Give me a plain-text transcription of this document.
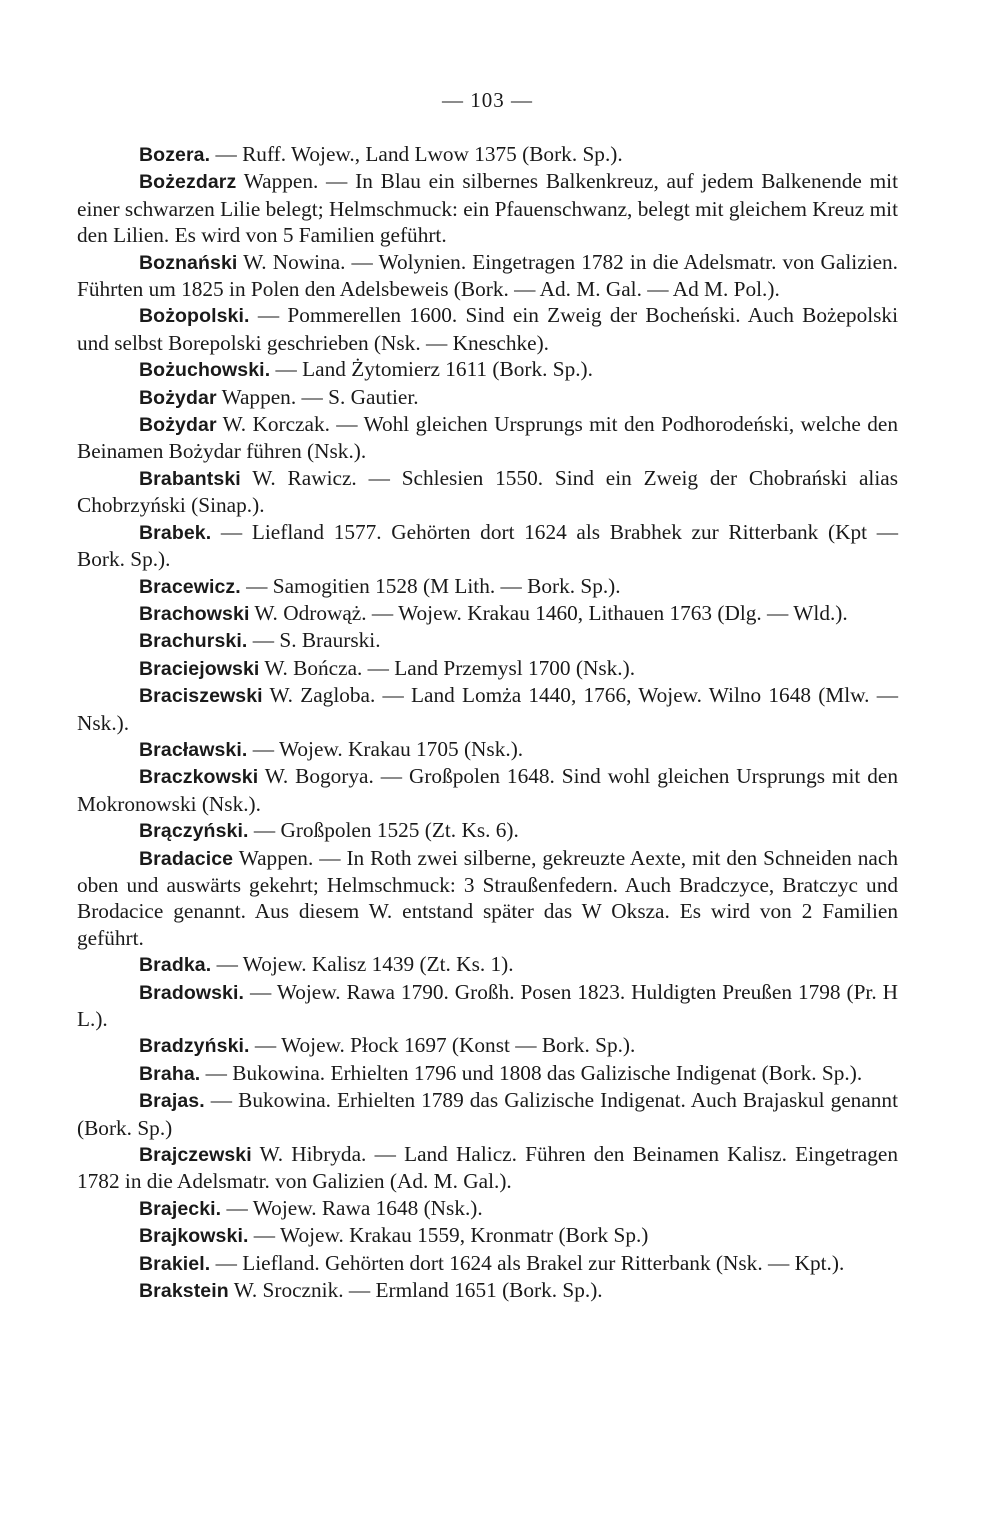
— 103 —

Bozera. — Ruff. Wojew., Land Lwow 1375 (Bork. Sp.).

Bożezdarz Wappen. — In Blau ein silbernes Balkenkreuz, auf jedem Balkenende mit einer schwarzen Lilie belegt; Helmschmuck: ein Pfauenschwanz, belegt mit gleichem Kreuz mit den Lilien. Es wird von 5 Familien geführt.

Boznański W. Nowina. — Wolynien. Eingetragen 1782 in die Adelsmatr. von Galizien. Führten um 1825 in Polen den Adelsbeweis (Bork. — Ad. M. Gal. — Ad M. Pol.).

Bożopolski. — Pommerellen 1600. Sind ein Zweig der Bocheński. Auch Bożepolski und selbst Borepolski geschrieben (Nsk. — Kneschke).

Bożuchowski. — Land Żytomierz 1611 (Bork. Sp.).

Bożydar Wappen. — S. Gautier.

Bożydar W. Korczak. — Wohl gleichen Ursprungs mit den Podhorodeński, welche den Beinamen Bożydar führen (Nsk.).

Brabantski W. Rawicz. — Schlesien 1550. Sind ein Zweig der Chobrański alias Chobrzyński (Sinap.).

Brabek. — Liefland 1577. Gehörten dort 1624 als Brabhek zur Ritterbank (Kpt — Bork. Sp.).

Bracewicz. — Samogitien 1528 (M Lith. — Bork. Sp.).

Brachowski W. Odrowąż. — Wojew. Krakau 1460, Lithauen 1763 (Dlg. — Wld.).

Brachurski. — S. Braurski.

Braciejowski W. Bończa. — Land Przemysl 1700 (Nsk.).

Braciszewski W. Zagloba. — Land Lomża 1440, 1766, Wojew. Wilno 1648 (Mlw. — Nsk.).

Bracławski. — Wojew. Krakau 1705 (Nsk.).

Braczkowski W. Bogorya. — Großpolen 1648. Sind wohl gleichen Ursprungs mit den Mokronowski (Nsk.).

Brączyński. — Großpolen 1525 (Zt. Ks. 6).

Bradacice Wappen. — In Roth zwei silberne, gekreuzte Aexte, mit den Schneiden nach oben und auswärts gekehrt; Helmschmuck: 3 Straußenfedern. Auch Bradczyce, Bratczyc und Brodacice genannt. Aus diesem W. entstand später das W Oksza. Es wird von 2 Familien geführt.

Bradka. — Wojew. Kalisz 1439 (Zt. Ks. 1).

Bradowski. — Wojew. Rawa 1790. Großh. Posen 1823. Huldigten Preußen 1798 (Pr. H L.).

Bradzyński. — Wojew. Płock 1697 (Konst — Bork. Sp.).

Braha. — Bukowina. Erhielten 1796 und 1808 das Galizische Indigenat (Bork. Sp.).

Brajas. — Bukowina. Erhielten 1789 das Galizische Indigenat. Auch Brajaskul genannt (Bork. Sp.)

Brajczewski W. Hibryda. — Land Halicz. Führen den Beinamen Kalisz. Eingetragen 1782 in die Adelsmatr. von Galizien (Ad. M. Gal.).

Brajecki. — Wojew. Rawa 1648 (Nsk.).

Brajkowski. — Wojew. Krakau 1559, Kronmatr (Bork Sp.)

Brakiel. — Liefland. Gehörten dort 1624 als Brakel zur Ritterbank (Nsk. — Kpt.).

Brakstein W. Srocznik. — Ermland 1651 (Bork. Sp.).
